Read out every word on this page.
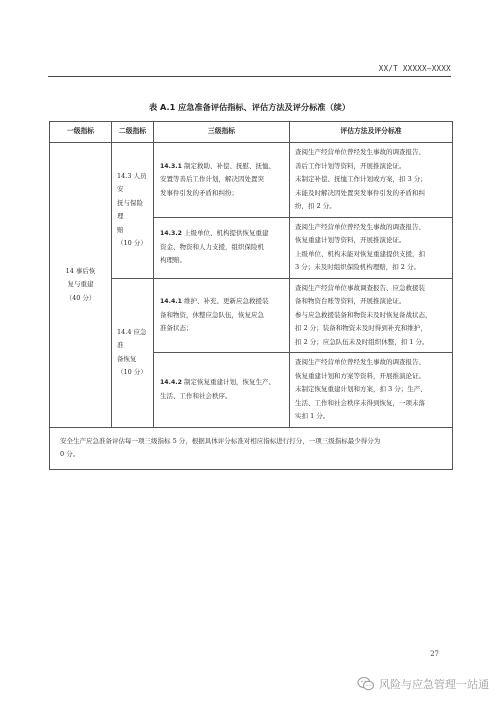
XX/T XXXXX—XXXX
表 A.1 应急准备评估指标、评估方法及评分标准（续）
一级指标	二级指标	三级指标	评估方法及评分标准

14 事后恢
复与重建
（40 分）	14.3 人员安
抚与保险理
赔
（10 分）	14.3.1 制定救助、补偿、抚慰、抚恤、
安置等善后工作计划，解决因处置突
发事件引发的矛盾和纠纷；	查阅生产经营单位曾经发生事故的调查报告、
善后工作计划等资料，开展推演论证。
未制定补偿、抚恤工作计划或方案，扣 3 分；
未能及时解决因处置突发事件引发的矛盾和纠
纷，扣 2 分。

		14.3.2 上级单位、机构提供恢复重建
资金、物资和人力支援，组织保险机
构理赔。	查阅生产经营单位曾经发生事故的调查报告、
恢复重建计划等资料，开展推演论证。
上级单位、机构未能对恢复重建提供支援，扣
3 分；未及时组织保险机构理赔，扣 2 分。

	14.4 应急准
备恢复
（10 分）	14.4.1 维护、补充、更新应急救援装
备和物资，休整应急队伍，恢复应急
准备状态；	查阅生产经营单位事故调查报告、应急救援装
备和物资台账等资料，开展推演论证。
参与应急救援装备和物资未及时恢复备战状态，
扣 2 分；装备和物资未及时得到补充和维护，
扣 2 分；应急队伍未及时组织休整，扣 1 分。

		14.4.2 制定恢复重建计划，恢复生产、
生活、工作和社会秩序。	查阅生产经营单位曾经发生事故的调查报告、
恢复重建计划和方案等资料，开展推演论证。
未制定恢复重建计划和方案，扣 3 分；生产、
生活、工作和社会秩序未得到恢复，一项未落
实扣 1 分。

安全生产应急准备评估每一项三级指标 5 分，根据具体评分标准对相应指标进行打分，一项三级指标最少得分为
0 分。			
27
风险与应急管理一站通
